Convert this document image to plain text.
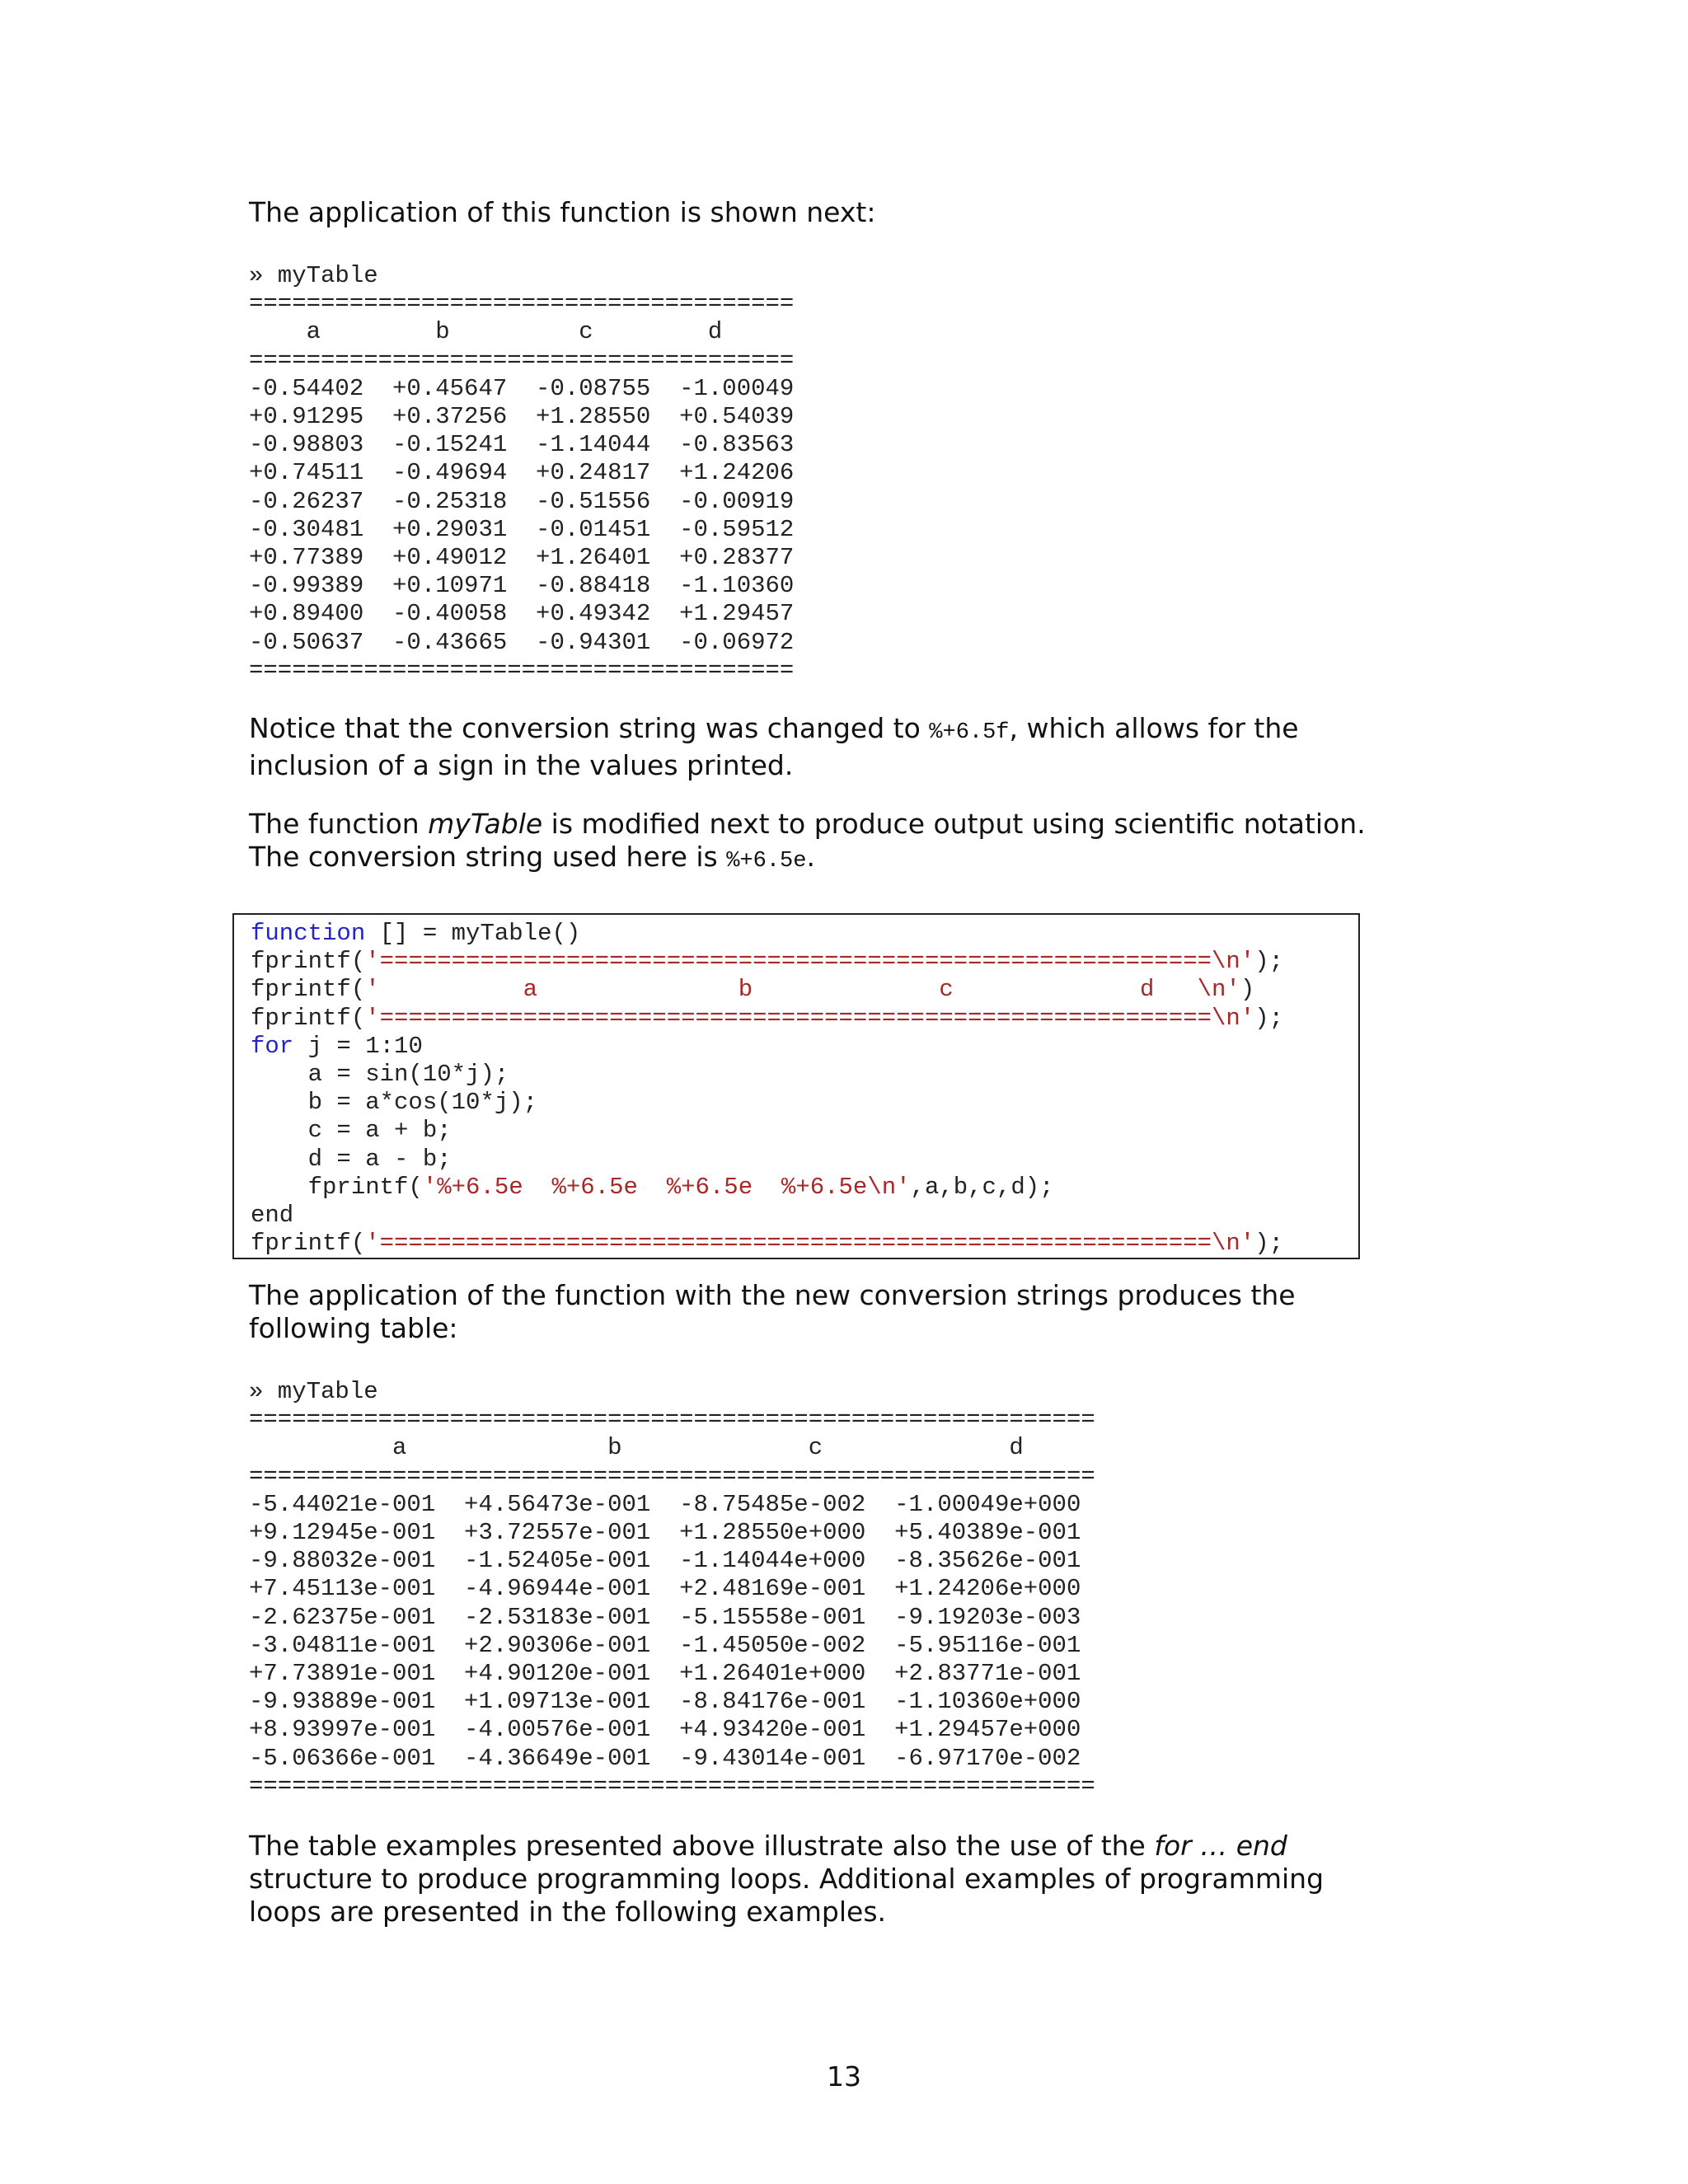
The application of this function is shown next:

» myTable
======================================
a        b         c        d
======================================
-0.54402  +0.45647  -0.08755  -1.00049
+0.91295  +0.37256  +1.28550  +0.54039
-0.98803  -0.15241  -1.14044  -0.83563
+0.74511  -0.49694  +0.24817  +1.24206
-0.26237  -0.25318  -0.51556  -0.00919
-0.30481  +0.29031  -0.01451  -0.59512
+0.77389  +0.49012  +1.26401  +0.28377
-0.99389  +0.10971  -0.88418  -1.10360
+0.89400  -0.40058  +0.49342  +1.29457
-0.50637  -0.43665  -0.94301  -0.06972
======================================

Notice that the conversion string was changed to %+6.5f, which allows for the inclusion of a sign in the values printed.

The function myTable is modified next to produce output using scientific notation. The conversion string used here is %+6.5e.

function [] = myTable()
fprintf('==========================================================\n');
fprintf('          a              b             c             d   \n')
fprintf('==========================================================\n');
for j = 1:10
a = sin(10*j);
b = a*cos(10*j);
c = a + b;
d = a - b;
fprintf('%+6.5e  %+6.5e  %+6.5e  %+6.5e\n',a,b,c,d);
end
fprintf('==========================================================\n');

The application of the function with the new conversion strings produces the following table:

» myTable
===========================================================
a              b             c             d
===========================================================
-5.44021e-001  +4.56473e-001  -8.75485e-002  -1.00049e+000
+9.12945e-001  +3.72557e-001  +1.28550e+000  +5.40389e-001
-9.88032e-001  -1.52405e-001  -1.14044e+000  -8.35626e-001
+7.45113e-001  -4.96944e-001  +2.48169e-001  +1.24206e+000
-2.62375e-001  -2.53183e-001  -5.15558e-001  -9.19203e-003
-3.04811e-001  +2.90306e-001  -1.45050e-002  -5.95116e-001
+7.73891e-001  +4.90120e-001  +1.26401e+000  +2.83771e-001
-9.93889e-001  +1.09713e-001  -8.84176e-001  -1.10360e+000
+8.93997e-001  -4.00576e-001  +4.93420e-001  +1.29457e+000
-5.06366e-001  -4.36649e-001  -9.43014e-001  -6.97170e-002
===========================================================

The table examples presented above illustrate also the use of the for … end structure to produce programming loops. Additional examples of programming loops are presented in the following examples.

13
